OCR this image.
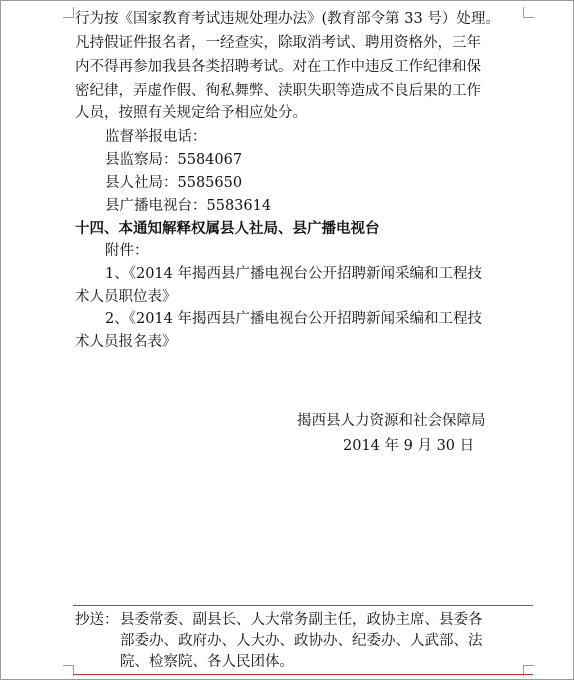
行为按《国家教育考试违规处理办法》(教育部令第 33 号）处理。
凡持假证件报名者，一经查实，除取消考试、聘用资格外，三年
内不得再参加我县各类招聘考试。对在工作中违反工作纪律和保
密纪律，弄虚作假、徇私舞弊、渎职失职等造成不良后果的工作
人员，按照有关规定给予相应处分。
监督举报电话：
县监察局：5584067
县人社局：5585650
县广播电视台：5583614
十四、本通知解释权属县人社局、县广播电视台
附件：
1、《2014 年揭西县广播电视台公开招聘新闻采编和工程技
术人员职位表》
2、《2014 年揭西县广播电视台公开招聘新闻采编和工程技
术人员报名表》
揭西县人力资源和社会保障局
2014 年 9 月 30 日
抄送： 县委常委、副县长、人大常务副主任，政协主席、县委各
部委办、政府办、人大办、政协办、纪委办、人武部、法
院、检察院、各人民团体。
